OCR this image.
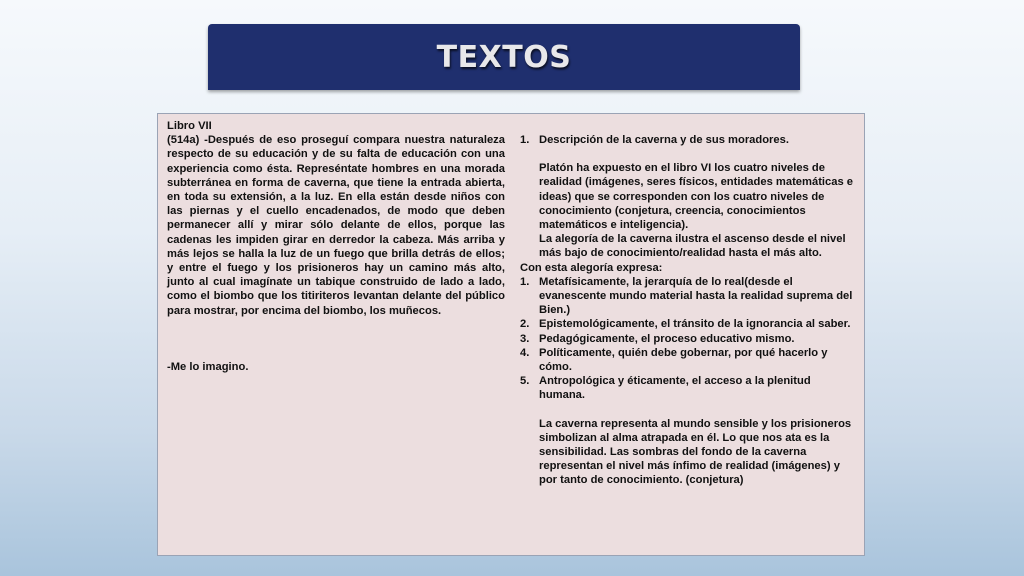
TEXTOS
Libro VII

(514a) -Después de eso proseguí compara nuestra naturaleza respecto de su educación y de su falta de educación con una experiencia como ésta. Represéntate hombres en una morada subterránea en forma de caverna, que tiene la entrada abierta, en toda su extensión, a la luz. En ella están desde niños con las piernas y el cuello encadenados, de modo que deben permanecer allí y mirar sólo delante de ellos, porque las cadenas les impiden girar en derredor la cabeza. Más arriba y más lejos se halla la luz de un fuego que brilla detrás de ellos; y entre el fuego y los prisioneros hay un camino más alto, junto al cual imagínate un tabique construido de lado a lado, como el biombo que los titiriteros levantan delante del público para mostrar, por encima del biombo, los muñecos.

-Me lo imagino.
1. Descripción de la caverna y de sus moradores.

Platón ha expuesto en el libro VI los cuatro niveles de realidad (imágenes, seres físicos, entidades matemáticas e ideas) que se corresponden con los cuatro niveles de conocimiento (conjetura, creencia, conocimientos matemáticos e inteligencia).

La alegoría de la caverna ilustra el ascenso desde el nivel más bajo de conocimiento/realidad hasta el más alto.

Con esta alegoría expresa:

1. Metafísicamente, la jerarquía de lo real(desde el evanescente mundo material hasta la realidad suprema del Bien.)
2. Epistemológicamente, el tránsito de la ignorancia al saber.
3. Pedagógicamente, el proceso educativo mismo.
4. Políticamente, quién debe gobernar, por qué hacerlo y cómo.
5. Antropológica y éticamente, el acceso a la plenitud humana.

La caverna representa al mundo sensible y los prisioneros simbolizan al alma atrapada en él. Lo que nos ata es la sensibilidad. Las sombras del fondo de la caverna representan el nivel más ínfimo de realidad (imágenes) y por tanto de conocimiento. (conjetura)
